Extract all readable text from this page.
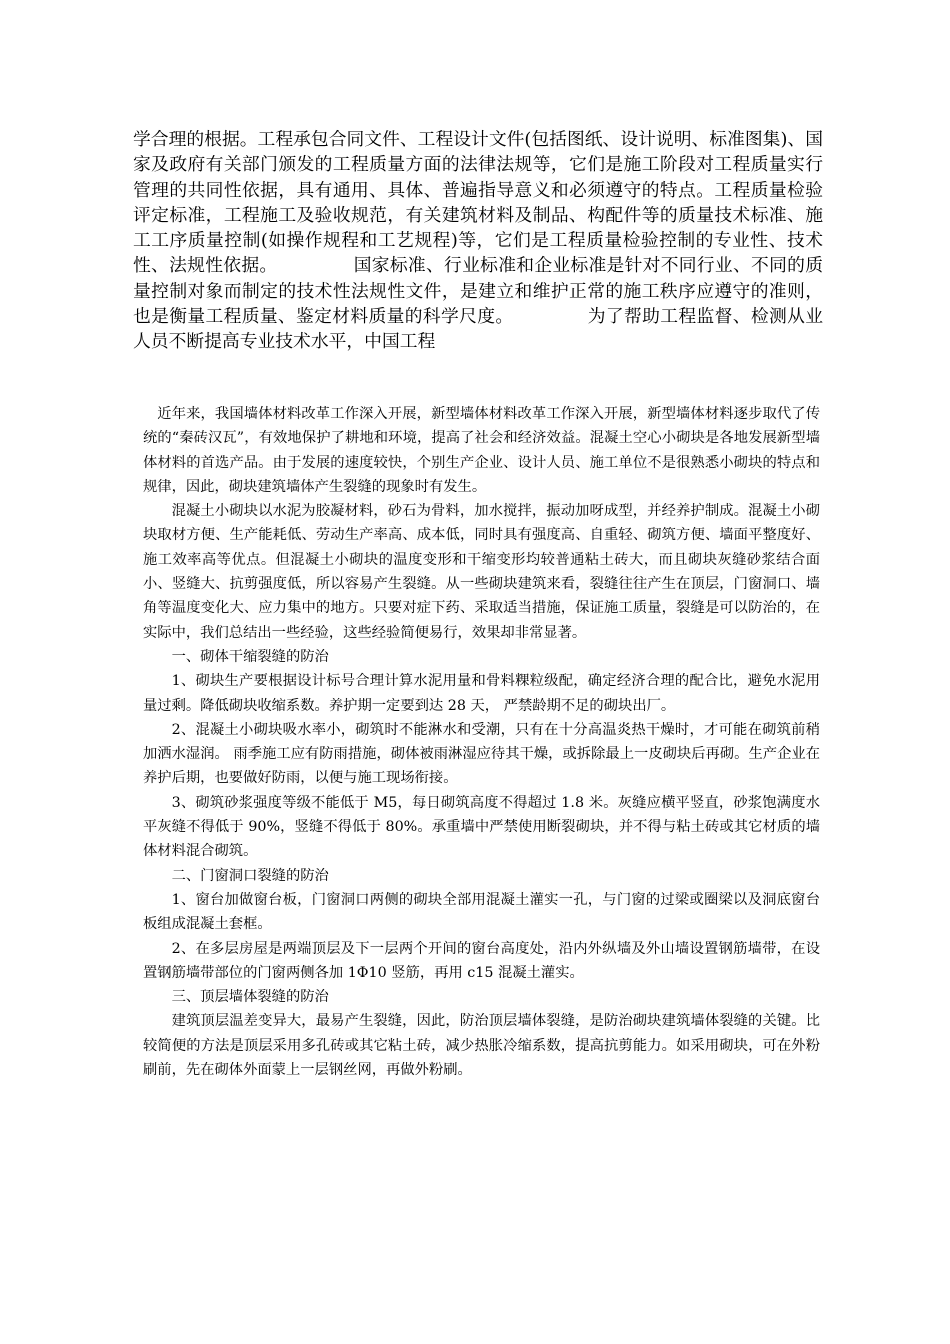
学合理的根据。工程承包合同文件、工程设计文件(包括图纸、设计说明、标准图集)、国家及政府有关部门颁发的工程质量方面的法律法规等，它们是施工阶段对工程质量实行管理的共同性依据，具有通用、具体、普遍指导意义和必须遵守的特点。工程质量检验评定标准，工程施工及验收规范，有关建筑材料及制品、构配件等的质量技术标准、施工工序质量控制(如操作规程和工艺规程)等，它们是工程质量检验控制的专业性、技术性、法规性依据。	国家标准、行业标准和企业标准是针对不同行业、不同的质量控制对象而制定的技术性法规性文件，是建立和维护正常的施工秩序应遵守的准则，也是衡量工程质量、鉴定材料质量的科学尺度。	为了帮助工程监督、检测从业人员不断提高专业技术水平，中国工程

近年来，我国墙体材料改革工作深入开展，新型墙体材料改革工作深入开展，新型墙体材料逐步取代了传统的“秦砖汉瓦”，有效地保护了耕地和环境，提高了社会和经济效益。混凝土空心小砌块是各地发展新型墙体材料的首选产品。由于发展的速度较快，个别生产企业、设计人员、施工单位不是很熟悉小砌块的特点和规律，因此，砌块建筑墙体产生裂缝的现象时有发生。

混凝土小砌块以水泥为胶凝材料，砂石为骨料，加水搅拌，振动加呀成型，并经养护制成。混凝土小砌块取材方便、生产能耗低、劳动生产率高、成本低，同时具有强度高、自重轻、砌筑方便、墙面平整度好、施工效率高等优点。但混凝土小砌块的温度变形和干缩变形均较普通粘土砖大，而且砌块灰缝砂浆结合面小、竖缝大、抗剪强度低，所以容易产生裂缝。从一些砌块建筑来看，裂缝往往产生在顶层，门窗洞口、墙角等温度变化大、应力集中的地方。只要对症下药、采取适当措施，保证施工质量，裂缝是可以防治的，在实际中，我们总结出一些经验，这些经验简便易行，效果却非常显著。

一、砌体干缩裂缝的防治

1、砌块生产要根据设计标号合理计算水泥用量和骨料粿粒级配，确定经济合理的配合比，避免水泥用量过剩。降低砌块收缩系数。养护期一定要到达 28 天， 严禁龄期不足的砌块出厂。

2、混凝土小砌块吸水率小，砌筑时不能淋水和受潮，只有在十分高温炎热干燥时，才可能在砌筑前稍加洒水湿润。 雨季施工应有防雨措施，砌体被雨淋湿应待其干燥，或拆除最上一皮砌块后再砌。生产企业在养护后期，也要做好防雨，以便与施工现场衔接。

3、砌筑砂浆强度等级不能低于 M5，每日砌筑高度不得超过 1.8 米。灰缝应横平竖直，砂浆饱满度水平灰缝不得低于 90%，竖缝不得低于 80%。承重墙中严禁使用断裂砌块，并不得与粘土砖或其它材质的墙体材料混合砌筑。

二、门窗洞口裂缝的防治

1、窗台加做窗台板，门窗洞口两侧的砌块全部用混凝土灌实一孔，与门窗的过梁或圈梁以及洞底窗台板组成混凝土套框。

2、在多层房屋是两端顶层及下一层两个开间的窗台高度处，沿内外纵墙及外山墙设置钢筋墙带，在设置钢筋墙带部位的门窗两侧各加 1Φ10 竖筋，再用 c15 混凝土灌实。

三、顶层墙体裂缝的防治

建筑顶层温差变异大，最易产生裂缝，因此，防治顶层墙体裂缝，是防治砌块建筑墙体裂缝的关键。比较简便的方法是顶层采用多孔砖或其它粘土砖，减少热胀冷缩系数，提高抗剪能力。如采用砌块，可在外粉刷前，先在砌体外面蒙上一层钢丝网，再做外粉刷。
